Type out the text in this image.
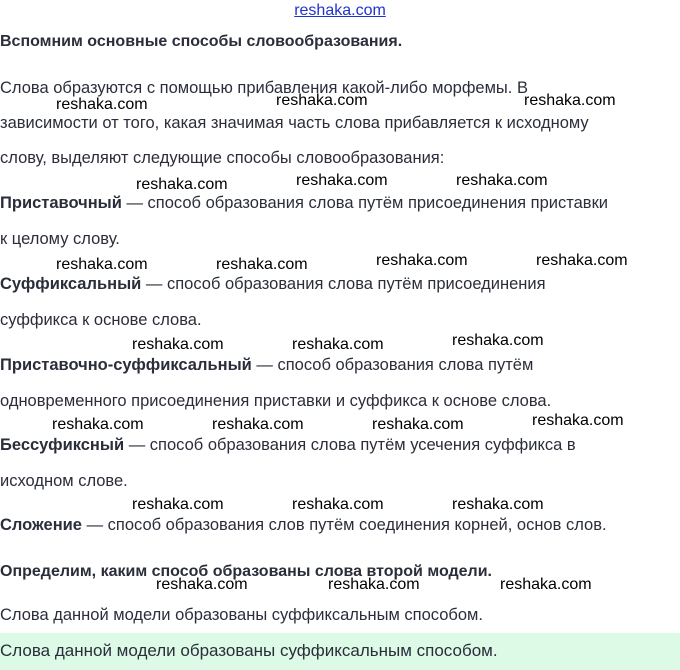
reshaka.com
Вспомним основные способы словообразования.
Слова образуются с помощью прибавления какой-либо морфемы. В
зависимости от того, какая значимая часть слова прибавляется к исходному
слову, выделяют следующие способы словообразования:
Приставочный — способ образования слова путём присоединения приставки
к целому слову.
Суффиксальный — способ образования слова путём присоединения
суффикса к основе слова.
Приставочно-суффиксальный — способ образования слова путём
одновременного присоединения приставки и суффикса к основе слова.
Бессуфиксный — способ образования слова путём усечения суффикса в
исходном слове.
Сложение — способ образования слов путём соединения корней, основ слов.
Определим, каким способ образованы слова второй модели.
Слова данной модели образованы суффиксальным способом.
Слова данной модели образованы суффиксальным способом.
reshaka.com	reshaka.com	reshaka.com
reshaka.com	reshaka.com	reshaka.com
reshaka.com	reshaka.com	reshaka.com	reshaka.com
reshaka.com	reshaka.com	reshaka.com
reshaka.com	reshaka.com	reshaka.com	reshaka.com
reshaka.com	reshaka.com	reshaka.com
reshaka.com	reshaka.com	reshaka.com
